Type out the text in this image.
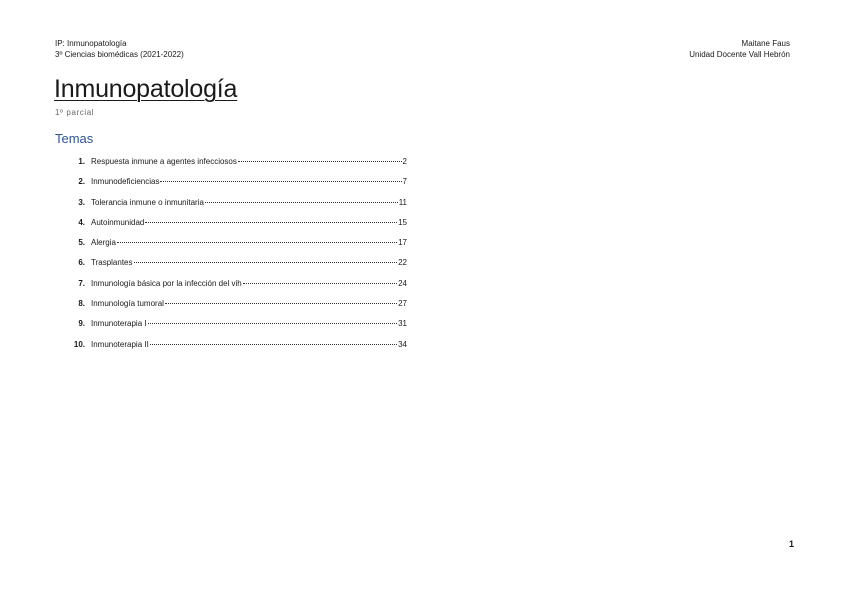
IP: Inmunopatología
3º Ciencias biomédicas (2021-2022)
Maitane Faus
Unidad Docente Vall Hebrón
Inmunopatología
1º parcial
Temas
1. Respuesta inmune a agentes infecciosos	2
2. Inmunodeficiencias	7
3. Tolerancia inmune o inmunitaria	11
4. Autoinmunidad	15
5. Alergia	17
6. Trasplantes	22
7. Inmunología básica por la infección del vih	24
8. Inmunología tumoral	27
9. Inmunoterapia I	31
10. Inmunoterapia II	34
1
